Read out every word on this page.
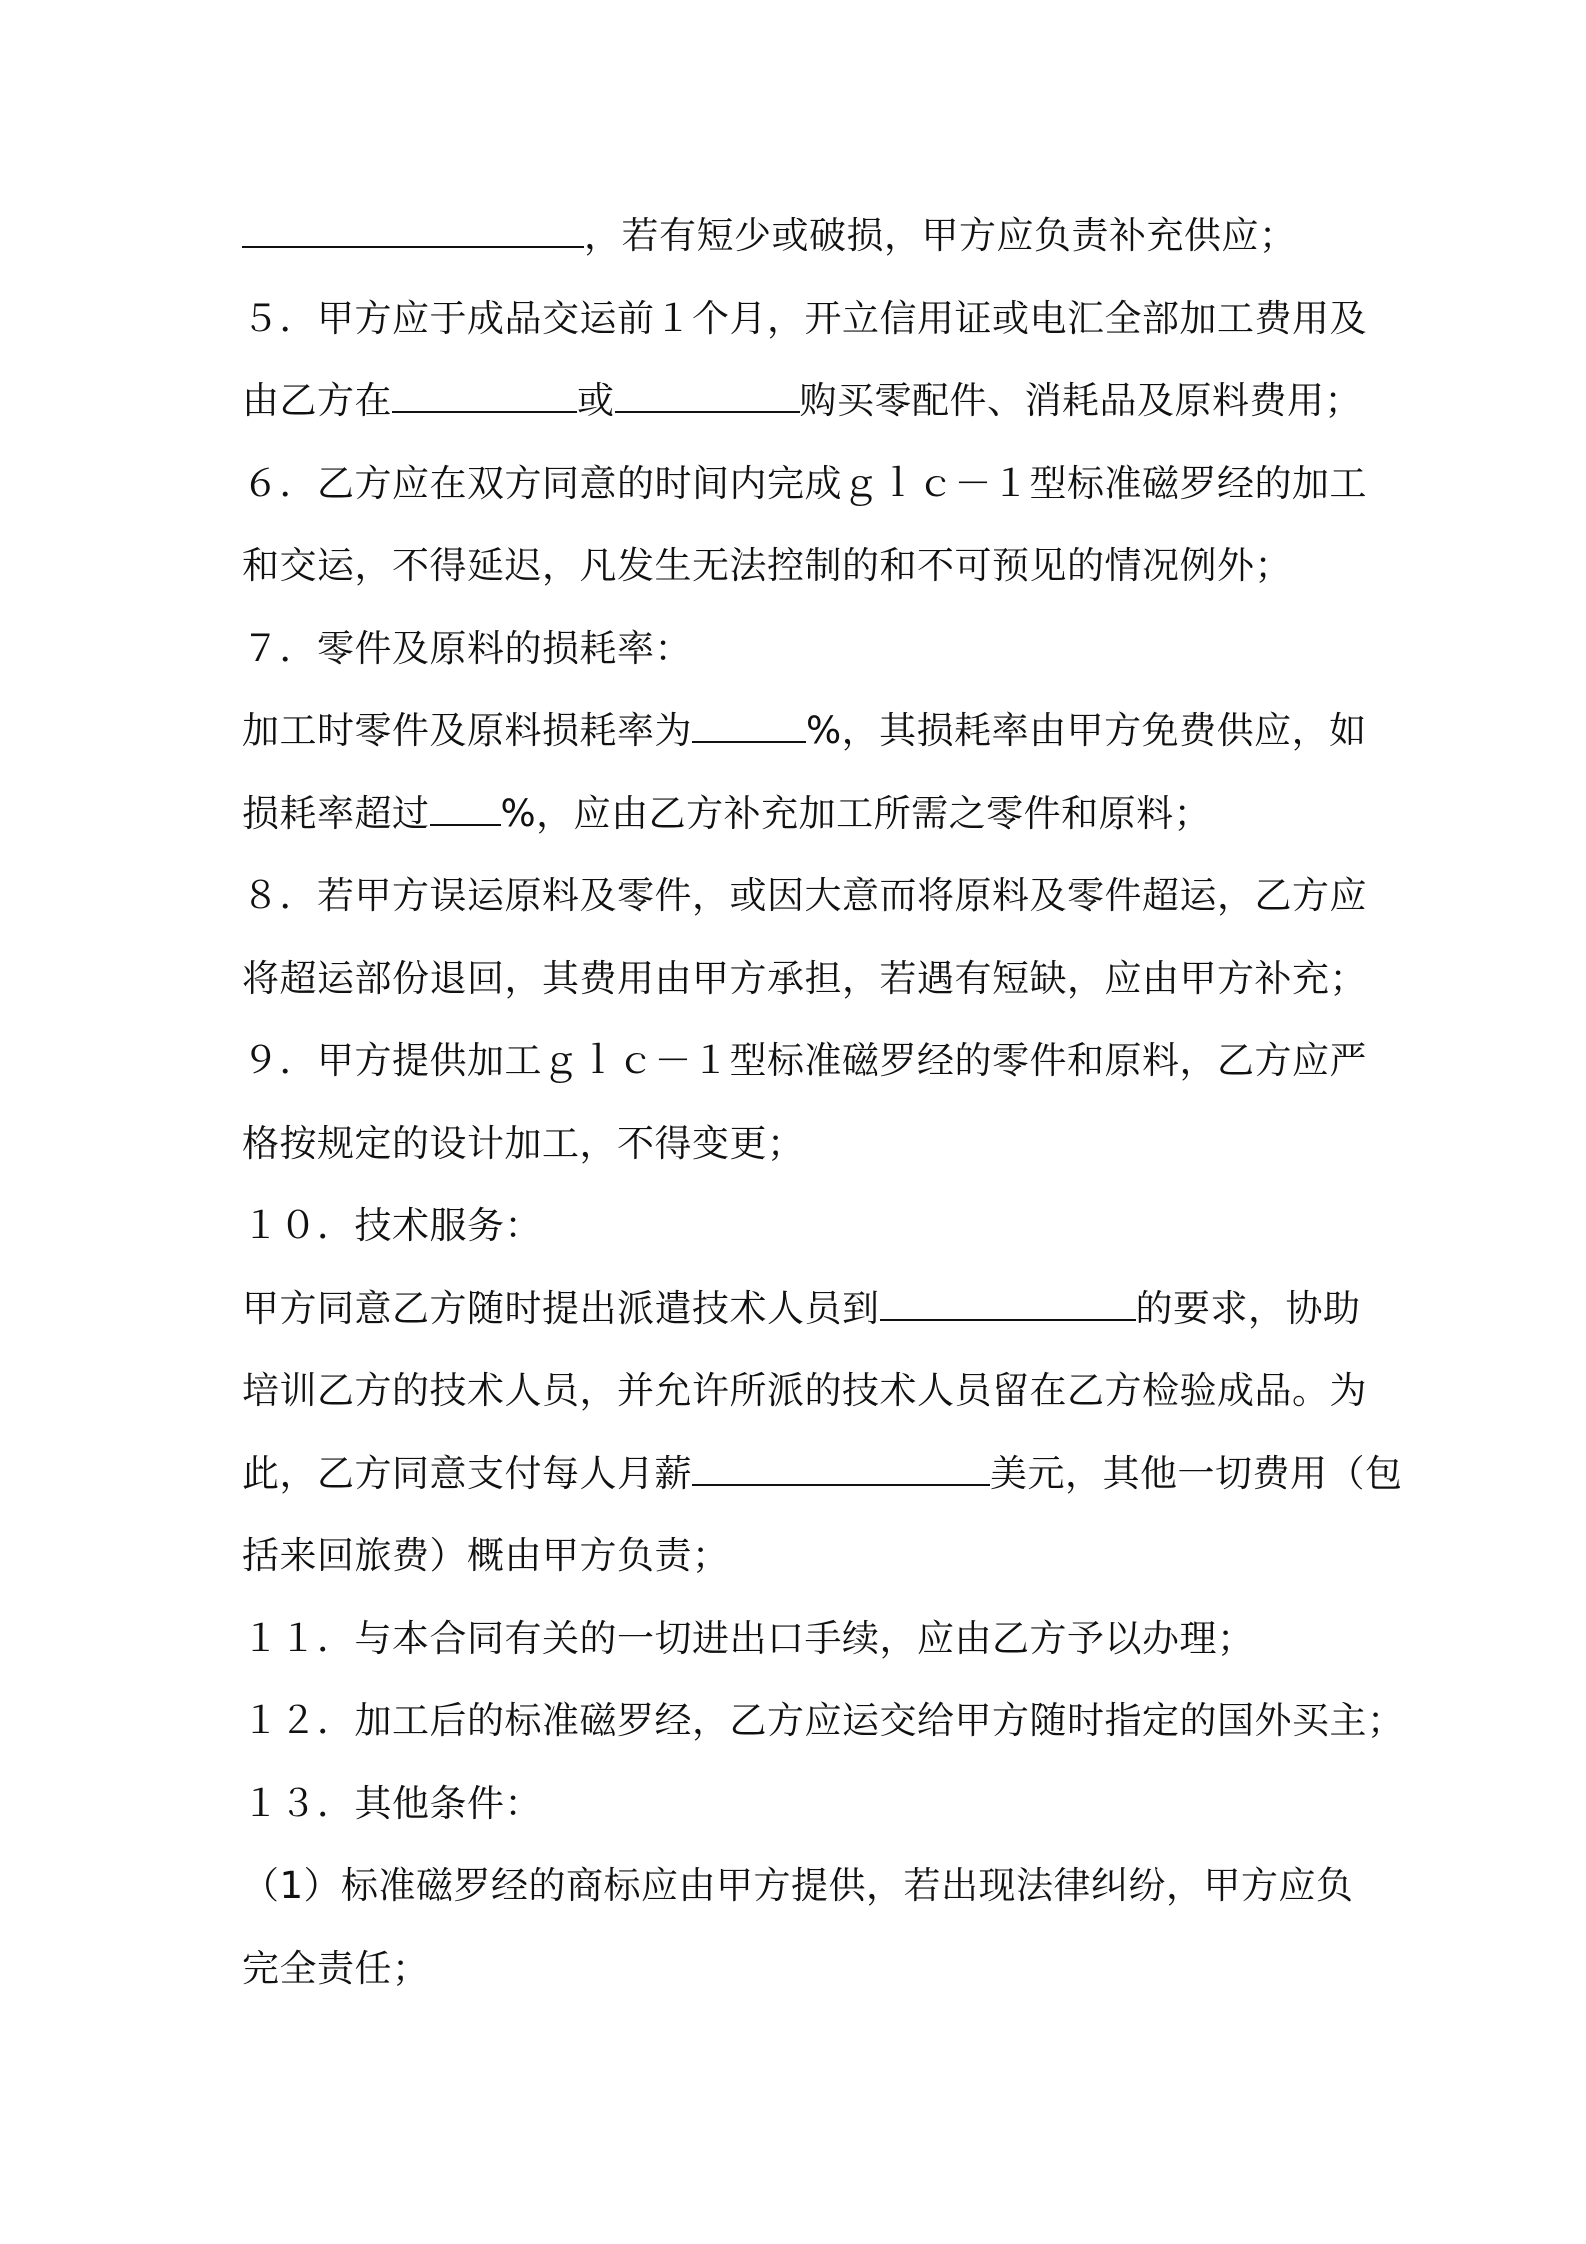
，若有短少或破损，甲方应负责补充供应；
５．甲方应于成品交运前１个月，开立信用证或电汇全部加工费用及
由乙方在	或	购买零配件、消耗品及原料费用；
６．乙方应在双方同意的时间内完成ｇｌｃ－１型标准磁罗经的加工
和交运，不得延迟，凡发生无法控制的和不可预见的情况例外；
７．零件及原料的损耗率：
加工时零件及原料损耗率为	%，其损耗率由甲方免费供应，如
损耗率超过 %，应由乙方补充加工所需之零件和原料；
８．若甲方误运原料及零件，或因大意而将原料及零件超运，乙方应
将超运部份退回，其费用由甲方承担，若遇有短缺，应由甲方补充；
９．甲方提供加工ｇｌｃ－１型标准磁罗经的零件和原料，乙方应严
格按规定的设计加工，不得变更；
１０．技术服务：
甲方同意乙方随时提出派遣技术人员到	的要求，协助
培训乙方的技术人员，并允许所派的技术人员留在乙方检验成品。为
此，乙方同意支付每人月薪	美元，其他一切费用（包
括来回旅费）概由甲方负责；
１１．与本合同有关的一切进出口手续，应由乙方予以办理；
１２．加工后的标准磁罗经，乙方应运交给甲方随时指定的国外买主；
１３．其他条件：
（1）标准磁罗经的商标应由甲方提供，若出现法律纠纷，甲方应负
完全责任；
